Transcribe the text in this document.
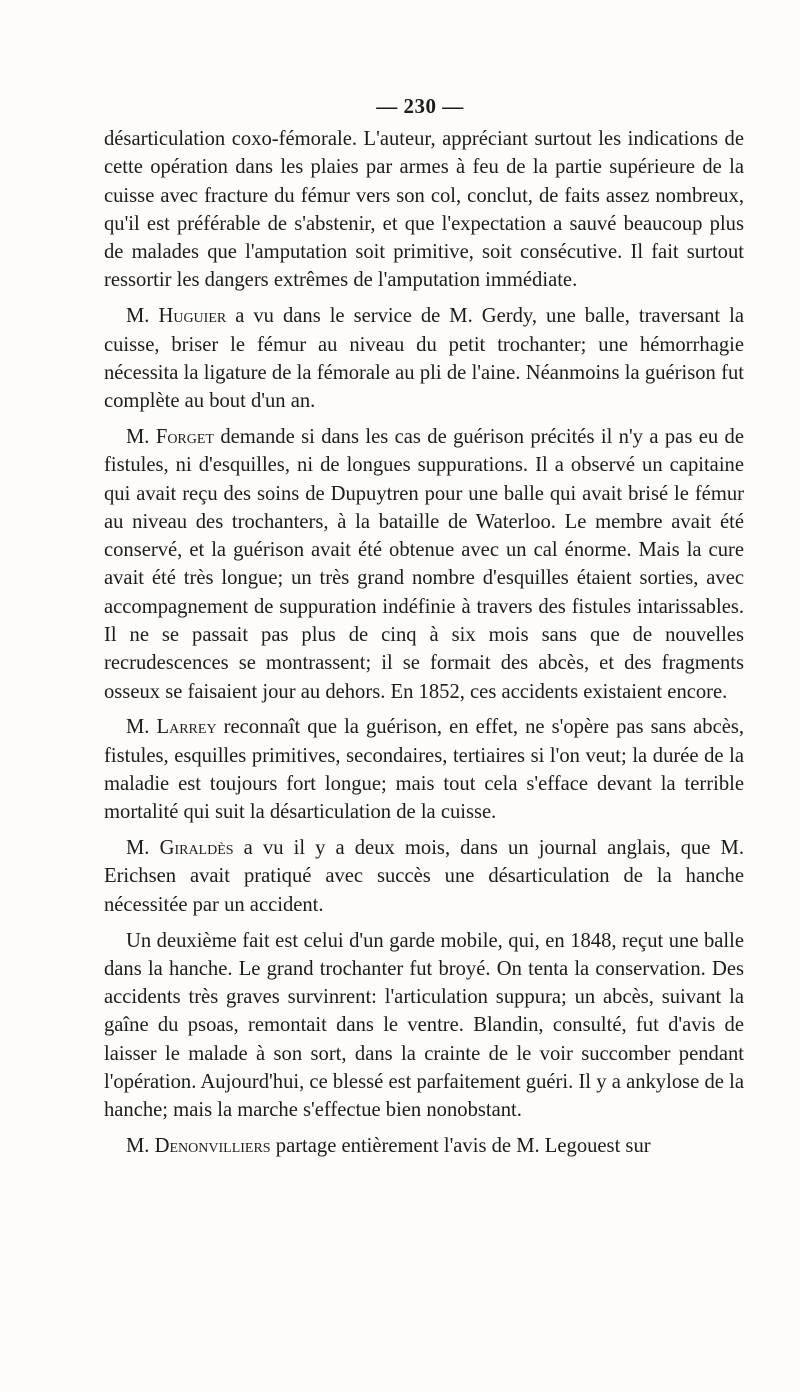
— 230 —

désarticulation coxo-fémorale. L'auteur, appréciant surtout les indications de cette opération dans les plaies par armes à feu de la partie supérieure de la cuisse avec fracture du fémur vers son col, conclut, de faits assez nombreux, qu'il est préférable de s'abstenir, et que l'expectation a sauvé beaucoup plus de malades que l'amputation soit primitive, soit consécutive. Il fait surtout ressortir les dangers extrêmes de l'amputation immédiate.

M. Huguier a vu dans le service de M. Gerdy, une balle, traversant la cuisse, briser le fémur au niveau du petit trochanter; une hémorrhagie nécessita la ligature de la fémorale au pli de l'aine. Néanmoins la guérison fut complète au bout d'un an.

M. Forget demande si dans les cas de guérison précités il n'y a pas eu de fistules, ni d'esquilles, ni de longues suppurations. Il a observé un capitaine qui avait reçu des soins de Dupuytren pour une balle qui avait brisé le fémur au niveau des trochanters, à la bataille de Waterloo. Le membre avait été conservé, et la guérison avait été obtenue avec un cal énorme. Mais la cure avait été très longue; un très grand nombre d'esquilles étaient sorties, avec accompagnement de suppuration indéfinie à travers des fistules intarissables. Il ne se passait pas plus de cinq à six mois sans que de nouvelles recrudescences se montrassent; il se formait des abcès, et des fragments osseux se faisaient jour au dehors. En 1852, ces accidents existaient encore.

M. Larrey reconnaît que la guérison, en effet, ne s'opère pas sans abcès, fistules, esquilles primitives, secondaires, tertiaires si l'on veut; la durée de la maladie est toujours fort longue; mais tout cela s'efface devant la terrible mortalité qui suit la désarticulation de la cuisse.

M. Giraldès a vu il y a deux mois, dans un journal anglais, que M. Erichsen avait pratiqué avec succès une désarticulation de la hanche nécessitée par un accident.

Un deuxième fait est celui d'un garde mobile, qui, en 1848, reçut une balle dans la hanche. Le grand trochanter fut broyé. On tenta la conservation. Des accidents très graves survinrent: l'articulation suppura; un abcès, suivant la gaîne du psoas, remontait dans le ventre. Blandin, consulté, fut d'avis de laisser le malade à son sort, dans la crainte de le voir succomber pendant l'opération. Aujourd'hui, ce blessé est parfaitement guéri. Il y a ankylose de la hanche; mais la marche s'effectue bien nonobstant.

M. Denonvilliers partage entièrement l'avis de M. Legouest sur
